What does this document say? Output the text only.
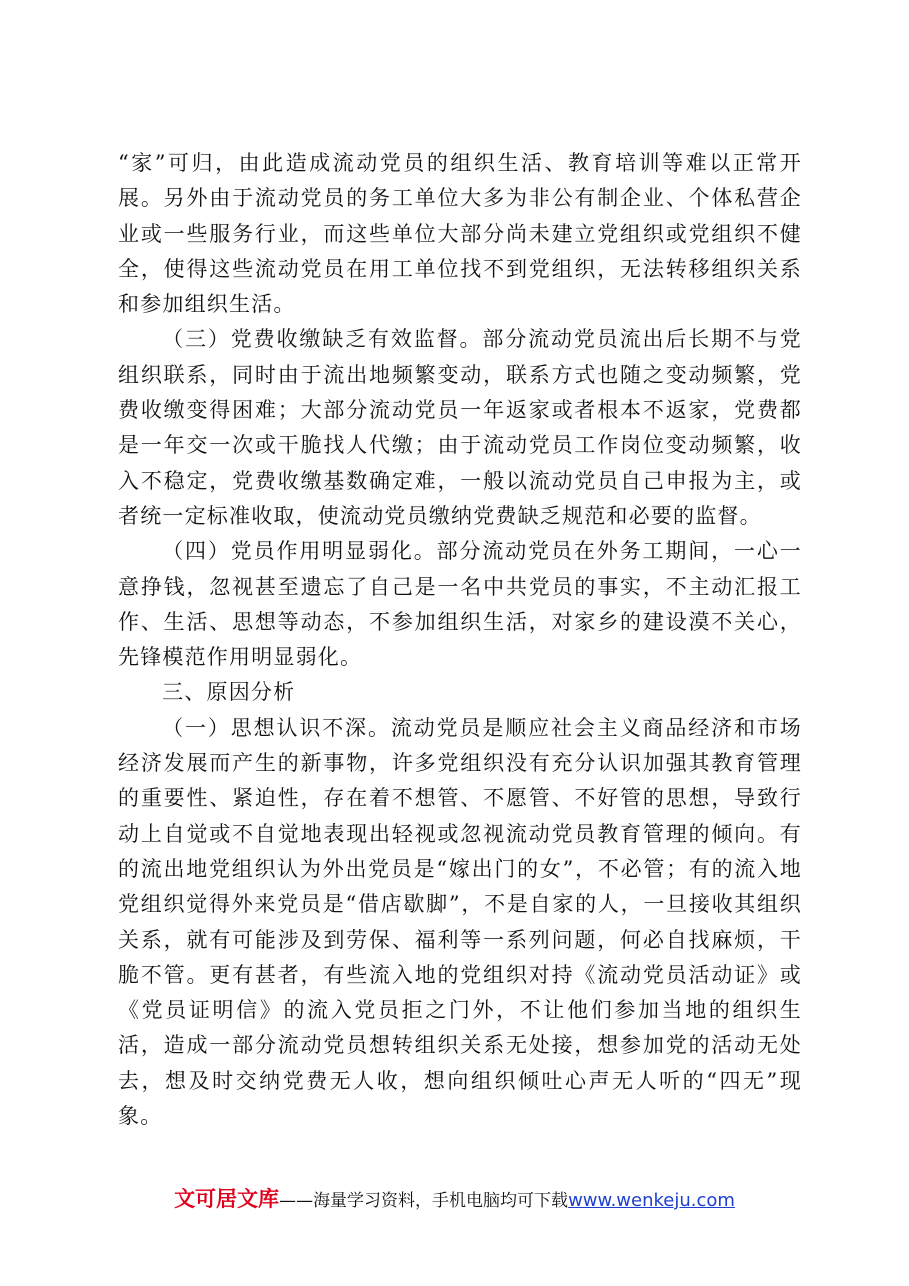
“家”可归，由此造成流动党员的组织生活、教育培训等难以正常开展。另外由于流动党员的务工单位大多为非公有制企业、个体私营企业或一些服务行业，而这些单位大部分尚未建立党组织或党组织不健全，使得这些流动党员在用工单位找不到党组织，无法转移组织关系和参加组织生活。

（三）党费收缴缺乏有效监督。部分流动党员流出后长期不与党组织联系，同时由于流出地频繁变动，联系方式也随之变动频繁，党费收缴变得困难；大部分流动党员一年返家或者根本不返家，党费都是一年交一次或干脆找人代缴；由于流动党员工作岗位变动频繁，收入不稳定，党费收缴基数确定难，一般以流动党员自己申报为主，或者统一定标准收取，使流动党员缴纳党费缺乏规范和必要的监督。

（四）党员作用明显弱化。部分流动党员在外务工期间，一心一意挣钱，忽视甚至遗忘了自己是一名中共党员的事实，不主动汇报工作、生活、思想等动态，不参加组织生活，对家乡的建设漠不关心，先锋模范作用明显弱化。

三、原因分析

（一）思想认识不深。流动党员是顺应社会主义商品经济和市场经济发展而产生的新事物，许多党组织没有充分认识加强其教育管理的重要性、紧迫性，存在着不想管、不愿管、不好管的思想，导致行动上自觉或不自觉地表现出轻视或忽视流动党员教育管理的倾向。有的流出地党组织认为外出党员是“嫁出门的女”，不必管；有的流入地党组织觉得外来党员是“借店歇脚”，不是自家的人，一旦接收其组织关系，就有可能涉及到劳保、福利等一系列问题，何必自找麻烦，干脆不管。更有甚者，有些流入地的党组织对持《流动党员活动证》或《党员证明信》的流入党员拒之门外，不让他们参加当地的组织生活，造成一部分流动党员想转组织关系无处接，想参加党的活动无处去，想及时交纳党费无人收，想向组织倾吐心声无人听的“四无”现象。

文可居文库——海量学习资料，手机电脑均可下载www.wenkeju.com
